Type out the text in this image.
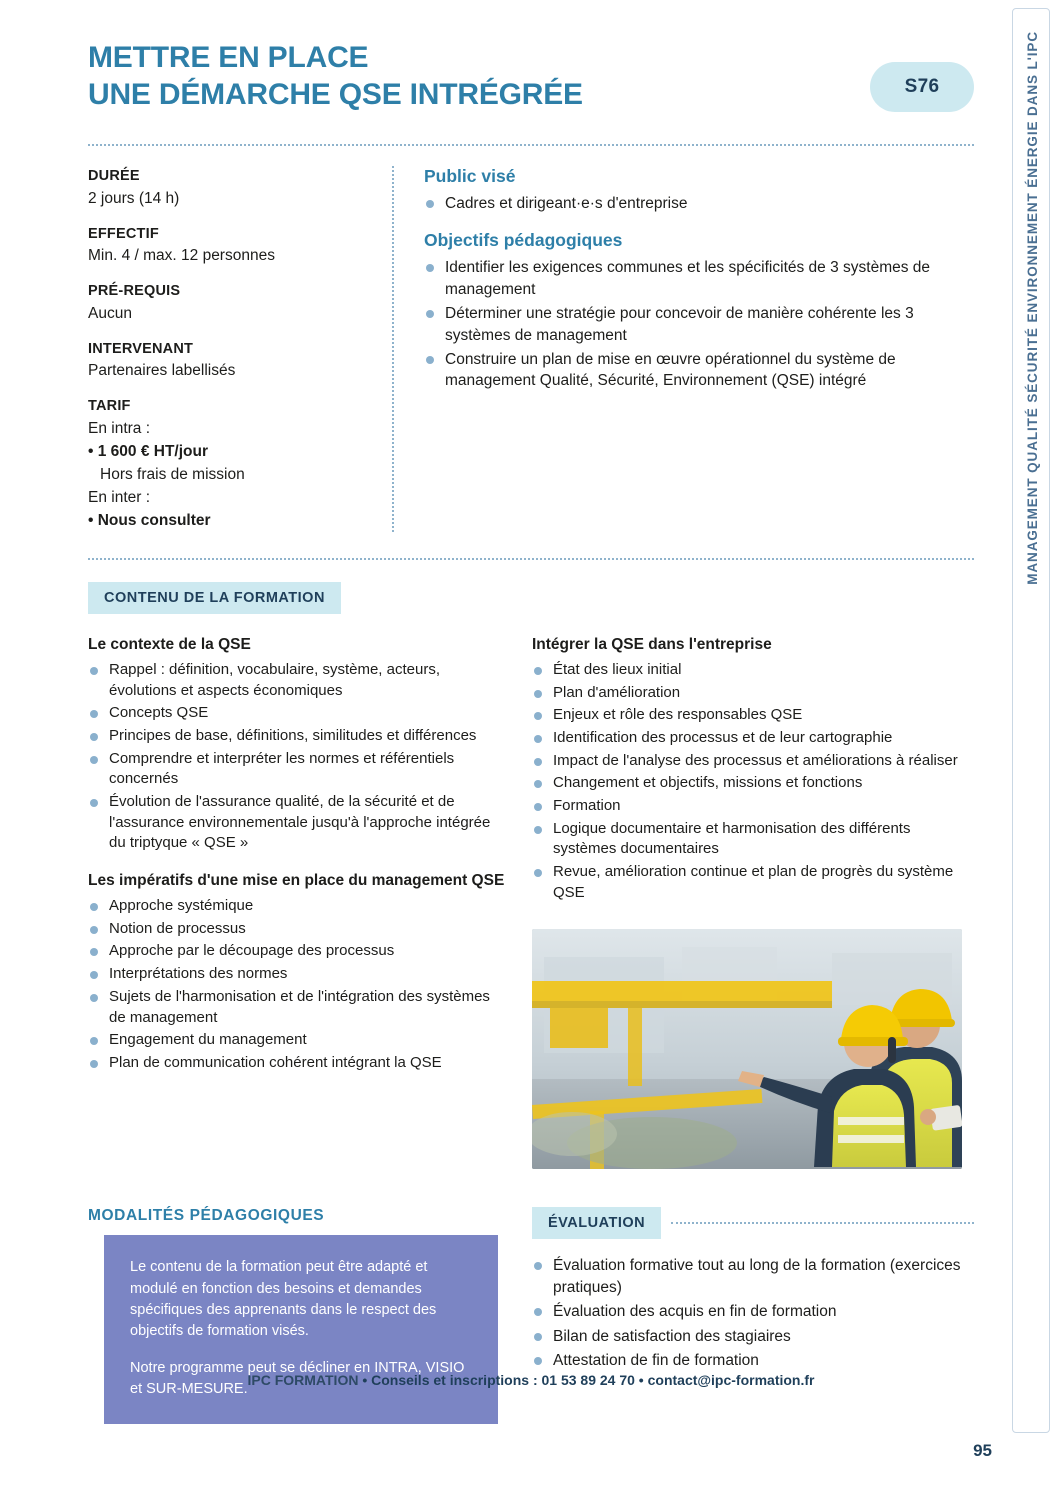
MANAGEMENT QUALITÉ SÉCURITÉ ENVIRONNEMENT ÉNERGIE DANS L'IPC
METTRE EN PLACE
UNE DÉMARCHE QSE INTRÉGRÉE	S76
DURÉE
2 jours (14 h)
EFFECTIF
Min. 4 / max. 12 personnes
PRÉ-REQUIS
Aucun
INTERVENANT
Partenaires labellisés
TARIF
En intra :
• 1 600 € HT/jour
Hors frais de mission
En inter :
• Nous consulter
Public visé
Cadres et dirigeant·e·s d'entreprise
Objectifs pédagogiques
Identifier les exigences communes et les spécificités de 3 systèmes de management
Déterminer une stratégie pour concevoir de manière cohérente les 3 systèmes de management
Construire un plan de mise en œuvre opérationnel du système de management Qualité, Sécurité, Environnement (QSE) intégré
CONTENU DE LA FORMATION
Le contexte de la QSE
Rappel : définition, vocabulaire, système, acteurs, évolutions et aspects économiques
Concepts QSE
Principes de base, définitions, similitudes et différences
Comprendre et interpréter les normes et référentiels concernés
Évolution de l'assurance qualité, de la sécurité et de l'assurance environnementale jusqu'à l'approche intégrée du triptyque « QSE »
Les impératifs d'une mise en place du management QSE
Approche systémique
Notion de processus
Approche par le découpage des processus
Interprétations des normes
Sujets de l'harmonisation et de l'intégration des systèmes de management
Engagement du management
Plan de communication cohérent intégrant la QSE
Intégrer la QSE dans l'entreprise
État des lieux initial
Plan d'amélioration
Enjeux et rôle des responsables QSE
Identification des processus et de leur cartographie
Impact de l'analyse des processus et améliorations à réaliser
Changement et objectifs, missions et fonctions
Formation
Logique documentaire et harmonisation des différents systèmes documentaires
Revue, amélioration continue et plan de progrès du système QSE
MODALITÉS PÉDAGOGIQUES

Le contenu de la formation peut être adapté et modulé en fonction des besoins et demandes spécifiques des apprenants dans le respect des objectifs de formation visés.

Notre programme peut se décliner en INTRA, VISIO et SUR-MESURE.

ÉVALUATION
Évaluation formative tout au long de la formation (exercices pratiques)
Évaluation des acquis en fin de formation
Bilan de satisfaction des stagiaires
Attestation de fin de formation
IPC FORMATION • Conseils et inscriptions : 01 53 89 24 70 • contact@ipc-formation.fr
95
